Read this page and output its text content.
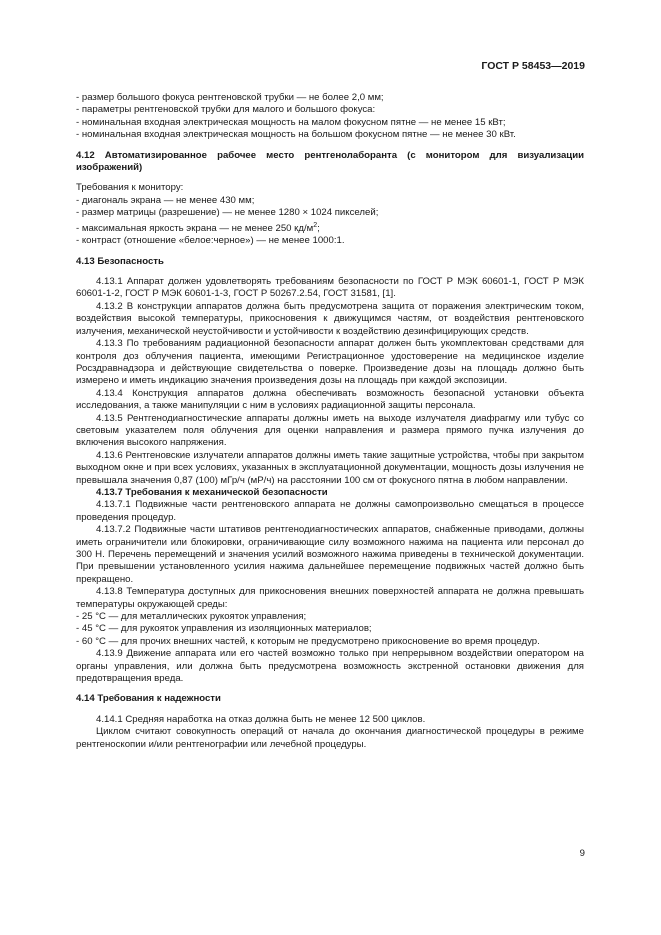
ГОСТ Р 58453—2019

- размер большого фокуса рентгеновской трубки — не более 2,0 мм;

- параметры рентгеновской трубки для малого и большого фокуса:

- номинальная входная электрическая мощность на малом фокусном пятне — не менее 15 кВт;

- номинальная входная электрическая мощность на большом фокусном пятне — не менее 30 кВт.

4.12 Автоматизированное рабочее место рентгенолаборанта (с монитором для визуализации изображений)

Требования к монитору:

- диагональ экрана — не менее 430 мм;

- размер матрицы (разрешение) — не менее 1280 × 1024 пикселей;

- максимальная яркость экрана — не менее 250 $кд/м^2$;

- контраст (отношение «белое:черное») — не менее 1000:1.

4.13 Безопасность

4.13.1 Аппарат должен удовлетворять требованиям безопасности по ГОСТ Р МЭК 60601-1, ГОСТ Р МЭК 60601-1-2, ГОСТ Р МЭК 60601-1-3, ГОСТ Р 50267.2.54, ГОСТ 31581, [1].

4.13.2 В конструкции аппаратов должна быть предусмотрена защита от поражения электрическим током, воздействия высокой температуры, прикосновения к движущимся частям, от воздействия рентгеновского излучения, механической неустойчивости и устойчивости к воздействию дезинфицирующих средств.

4.13.3 По требованиям радиационной безопасности аппарат должен быть укомплектован средствами для контроля доз облучения пациента, имеющими Регистрационное удостоверение на медицинское изделие Росздравнадзора и действующие свидетельства о поверке. Произведение дозы на площадь должно быть измерено и иметь индикацию значения произведения дозы на площадь при каждой экспозиции.

4.13.4 Конструкция аппаратов должна обеспечивать возможность безопасной установки объекта исследования, а также манипуляции с ним в условиях радиационной защиты персонала.

4.13.5 Рентгенодиагностические аппараты должны иметь на выходе излучателя диафрагму или тубус со световым указателем поля облучения для оценки направления и размера прямого пучка излучения до включения высокого напряжения.

4.13.6 Рентгеновские излучатели аппаратов должны иметь такие защитные устройства, чтобы при закрытом выходном окне и при всех условиях, указанных в эксплуатационной документации, мощность дозы излучения не превышала значения 0,87 (100) мГр/ч (мР/ч) на расстоянии 100 см от фокусного пятна в любом направлении.

4.13.7 Требования к механической безопасности

4.13.7.1 Подвижные части рентгеновского аппарата не должны самопроизвольно смещаться в процессе проведения процедур.

4.13.7.2 Подвижные части штативов рентгенодиагностических аппаратов, снабженные приводами, должны иметь ограничители или блокировки, ограничивающие силу возможного нажима на пациента или персонал до 300 Н. Перечень перемещений и значения усилий возможного нажима приведены в технической документации. При превышении установленного усилия нажима дальнейшее перемещение подвижных частей должно быть прекращено.

4.13.8 Температура доступных для прикосновения внешних поверхностей аппарата не должна превышать температуры окружающей среды:

- 25 °С — для металлических рукояток управления;

- 45 °С — для рукояток управления из изоляционных материалов;

- 60 °С — для прочих внешних частей, к которым не предусмотрено прикосновение во время процедур.

4.13.9 Движение аппарата или его частей возможно только при непрерывном воздействии оператором на органы управления, или должна быть предусмотрена возможность экстренной остановки движения для предотвращения вреда.

4.14 Требования к надежности

4.14.1 Средняя наработка на отказ должна быть не менее 12 500 циклов.

Циклом считают совокупность операций от начала до окончания диагностической процедуры в режиме рентгеноскопии и/или рентгенографии или лечебной процедуры.

9
